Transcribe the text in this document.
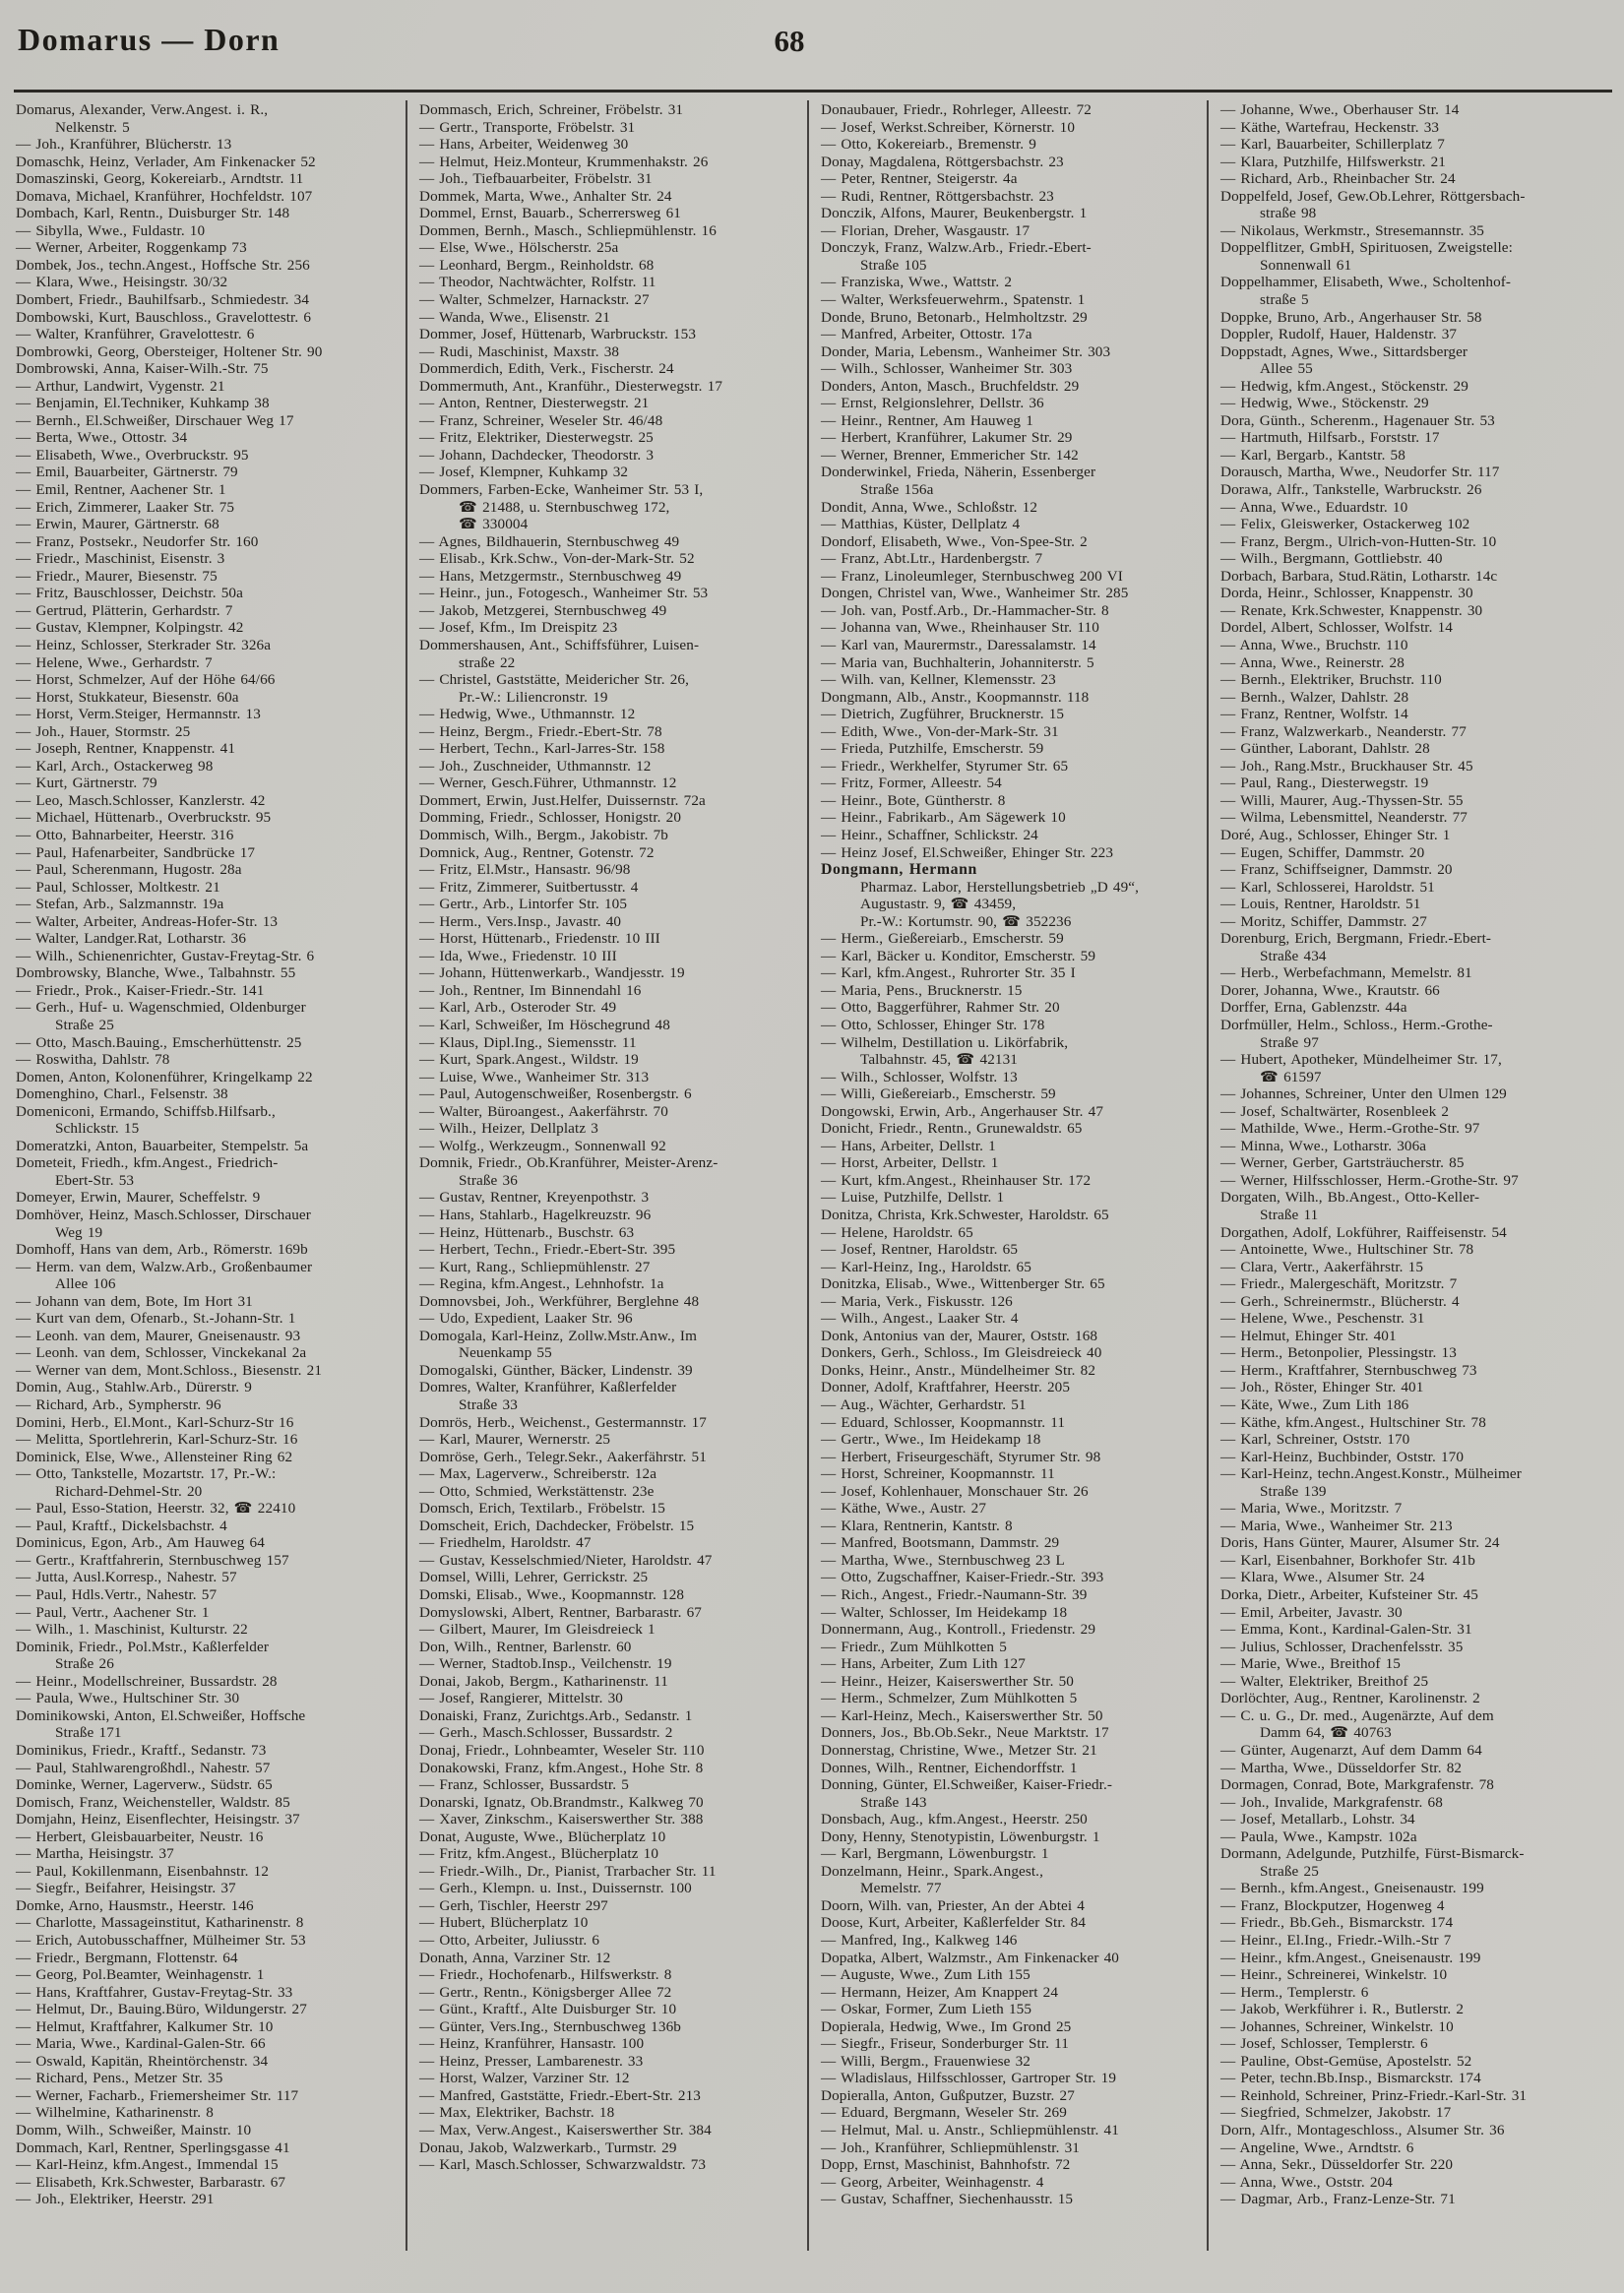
Domarus — Dorn	68
Domarus, Alexander, Verw.Angest. i. R.,
Nelkenstr. 5
— Joh., Kranführer, Blücherstr. 13
Domaschk, Heinz, Verlader, Am Finkenacker 52
Domaszinski, Georg, Kokereiarb., Arndtstr. 11
Domava, Michael, Kranführer, Hochfeldstr. 107
Dombach, Karl, Rentn., Duisburger Str. 148
— Sibylla, Wwe., Fuldastr. 10
— Werner, Arbeiter, Roggenkamp 73
Dombek, Jos., techn.Angest., Hoffsche Str. 256
— Klara, Wwe., Heisingstr. 30/32
Dombert, Friedr., Bauhilfsarb., Schmiedestr. 34
Dombowski, Kurt, Bauschloss., Gravelottestr. 6
— Walter, Kranführer, Gravelottestr. 6
Dombrowki, Georg, Obersteiger, Holtener Str. 90
Dombrowski, Anna, Kaiser-Wilh.-Str. 75
— Arthur, Landwirt, Vygenstr. 21
— Benjamin, El.Techniker, Kuhkamp 38
— Bernh., El.Schweißer, Dirschauer Weg 17
— Berta, Wwe., Ottostr. 34
— Elisabeth, Wwe., Overbruckstr. 95
— Emil, Bauarbeiter, Gärtnerstr. 79
— Emil, Rentner, Aachener Str. 1
— Erich, Zimmerer, Laaker Str. 75
— Erwin, Maurer, Gärtnerstr. 68
— Franz, Postsekr., Neudorfer Str. 160
— Friedr., Maschinist, Eisenstr. 3
— Friedr., Maurer, Biesenstr. 75
— Fritz, Bauschlosser, Deichstr. 50a
— Gertrud, Plätterin, Gerhardstr. 7
— Gustav, Klempner, Kolpingstr. 42
— Heinz, Schlosser, Sterkrader Str. 326a
— Helene, Wwe., Gerhardstr. 7
— Horst, Schmelzer, Auf der Höhe 64/66
— Horst, Stukkateur, Biesenstr. 60a
— Horst, Verm.Steiger, Hermannstr. 13
— Joh., Hauer, Stormstr. 25
— Joseph, Rentner, Knappenstr. 41
— Karl, Arch., Ostackerweg 98
— Kurt, Gärtnerstr. 79
— Leo, Masch.Schlosser, Kanzlerstr. 42
— Michael, Hüttenarb., Overbruckstr. 95
— Otto, Bahnarbeiter, Heerstr. 316
— Paul, Hafenarbeiter, Sandbrücke 17
— Paul, Scherenmann, Hugostr. 28a
— Paul, Schlosser, Moltkestr. 21
— Stefan, Arb., Salzmannstr. 19a
— Walter, Arbeiter, Andreas-Hofer-Str. 13
— Walter, Landger.Rat, Lotharstr. 36
— Wilh., Schienenrichter, Gustav-Freytag-Str. 6
Dombrowsky, Blanche, Wwe., Talbahnstr. 55
— Friedr., Prok., Kaiser-Friedr.-Str. 141
— Gerh., Huf- u. Wagenschmied, Oldenburger
Straße 25
— Otto, Masch.Bauing., Emscherhüttenstr. 25
— Roswitha, Dahlstr. 78
Domen, Anton, Kolonenführer, Kringelkamp 22
Domenghino, Charl., Felsenstr. 38
Domeniconi, Ermando, Schiffsb.Hilfsarb.,
Schlickstr. 15
Domeratzki, Anton, Bauarbeiter, Stempelstr. 5a
Dometeit, Friedh., kfm.Angest., Friedrich-
Ebert-Str. 53
Domeyer, Erwin, Maurer, Scheffelstr. 9
Domhöver, Heinz, Masch.Schlosser, Dirschauer
Weg 19
Domhoff, Hans van dem, Arb., Römerstr. 169b
— Herm. van dem, Walzw.Arb., Großenbaumer
Allee 106
— Johann van dem, Bote, Im Hort 31
— Kurt van dem, Ofenarb., St.-Johann-Str. 1
— Leonh. van dem, Maurer, Gneisenaustr. 93
— Leonh. van dem, Schlosser, Vinckekanal 2a
— Werner van dem, Mont.Schloss., Biesenstr. 21
Domin, Aug., Stahlw.Arb., Dürerstr. 9
— Richard, Arb., Sympherstr. 96
Domini, Herb., El.Mont., Karl-Schurz-Str 16
— Melitta, Sportlehrerin, Karl-Schurz-Str. 16
Dominick, Else, Wwe., Allensteiner Ring 62
— Otto, Tankstelle, Mozartstr. 17, Pr.-W.:
Richard-Dehmel-Str. 20
— Paul, Esso-Station, Heerstr. 32, ☎ 22410
— Paul, Kraftf., Dickelsbachstr. 4
Dominicus, Egon, Arb., Am Hauweg 64
— Gertr., Kraftfahrerin, Sternbuschweg 157
— Jutta, Ausl.Korresp., Nahestr. 57
— Paul, Hdls.Vertr., Nahestr. 57
— Paul, Vertr., Aachener Str. 1
— Wilh., 1. Maschinist, Kulturstr. 22
Dominik, Friedr., Pol.Mstr., Kaßlerfelder
Straße 26
— Heinr., Modellschreiner, Bussardstr. 28
— Paula, Wwe., Hultschiner Str. 30
Dominikowski, Anton, El.Schweißer, Hoffsche
Straße 171
Dominikus, Friedr., Kraftf., Sedanstr. 73
— Paul, Stahlwarengroßhdl., Nahestr. 57
Dominke, Werner, Lagerverw., Südstr. 65
Domisch, Franz, Weichensteller, Waldstr. 85
Domjahn, Heinz, Eisenflechter, Heisingstr. 37
— Herbert, Gleisbauarbeiter, Neustr. 16
— Martha, Heisingstr. 37
— Paul, Kokillenmann, Eisenbahnstr. 12
— Siegfr., Beifahrer, Heisingstr. 37
Domke, Arno, Hausmstr., Heerstr. 146
— Charlotte, Massageinstitut, Katharinenstr. 8
— Erich, Autobusschaffner, Mülheimer Str. 53
— Friedr., Bergmann, Flottenstr. 64
— Georg, Pol.Beamter, Weinhagenstr. 1
— Hans, Kraftfahrer, Gustav-Freytag-Str. 33
— Helmut, Dr., Bauing.Büro, Wildungerstr. 27
— Helmut, Kraftfahrer, Kalkumer Str. 10
— Maria, Wwe., Kardinal-Galen-Str. 66
— Oswald, Kapitän, Rheintörchenstr. 34
— Richard, Pens., Metzer Str. 35
— Werner, Facharb., Friemersheimer Str. 117
— Wilhelmine, Katharinenstr. 8
Domm, Wilh., Schweißer, Mainstr. 10
Dommach, Karl, Rentner, Sperlingsgasse 41
— Karl-Heinz, kfm.Angest., Immendal 15
— Elisabeth, Krk.Schwester, Barbarastr. 67
— Joh., Elektriker, Heerstr. 291
Dommasch, Erich, Schreiner, Fröbelstr. 31
— Gertr., Transporte, Fröbelstr. 31
— Hans, Arbeiter, Weidenweg 30
— Helmut, Heiz.Monteur, Krummenhakstr. 26
— Joh., Tiefbauarbeiter, Fröbelstr. 31
Dommek, Marta, Wwe., Anhalter Str. 24
Dommel, Ernst, Bauarb., Scherrersweg 61
Dommen, Bernh., Masch., Schliepmühlenstr. 16
— Else, Wwe., Hölscherstr. 25a
— Leonhard, Bergm., Reinholdstr. 68
— Theodor, Nachtwächter, Rolfstr. 11
— Walter, Schmelzer, Harnackstr. 27
— Wanda, Wwe., Elisenstr. 21
Dommer, Josef, Hüttenarb, Warbruckstr. 153
— Rudi, Maschinist, Maxstr. 38
Dommerdich, Edith, Verk., Fischerstr. 24
Dommermuth, Ant., Kranführ., Diesterwegstr. 17
— Anton, Rentner, Diesterwegstr. 21
— Franz, Schreiner, Weseler Str. 46/48
— Fritz, Elektriker, Diesterwegstr. 25
— Johann, Dachdecker, Theodorstr. 3
— Josef, Klempner, Kuhkamp 32
Dommers, Farben-Ecke, Wanheimer Str. 53 I,
☎ 21488, u. Sternbuschweg 172,
☎ 330004
— Agnes, Bildhauerin, Sternbuschweg 49
— Elisab., Krk.Schw., Von-der-Mark-Str. 52
— Hans, Metzgermstr., Sternbuschweg 49
— Heinr., jun., Fotogesch., Wanheimer Str. 53
— Jakob, Metzgerei, Sternbuschweg 49
— Josef, Kfm., Im Dreispitz 23
Dommershausen, Ant., Schiffsführer, Luisen-
straße 22
— Christel, Gaststätte, Meidericher Str. 26,
Pr.-W.: Liliencronstr. 19
— Hedwig, Wwe., Uthmannstr. 12
— Heinz, Bergm., Friedr.-Ebert-Str. 78
— Herbert, Techn., Karl-Jarres-Str. 158
— Joh., Zuschneider, Uthmannstr. 12
— Werner, Gesch.Führer, Uthmannstr. 12
Dommert, Erwin, Just.Helfer, Duissernstr. 72a
Domming, Friedr., Schlosser, Honigstr. 20
Dommisch, Wilh., Bergm., Jakobistr. 7b
Domnick, Aug., Rentner, Gotenstr. 72
— Fritz, El.Mstr., Hansastr. 96/98
— Fritz, Zimmerer, Suitbertusstr. 4
— Gertr., Arb., Lintorfer Str. 105
— Herm., Vers.Insp., Javastr. 40
— Horst, Hüttenarb., Friedenstr. 10 III
— Ida, Wwe., Friedenstr. 10 III
— Johann, Hüttenwerkarb., Wandjesstr. 19
— Joh., Rentner, Im Binnendahl 16
— Karl, Arb., Osteroder Str. 49
— Karl, Schweißer, Im Höschegrund 48
— Klaus, Dipl.Ing., Siemensstr. 11
— Kurt, Spark.Angest., Wildstr. 19
— Luise, Wwe., Wanheimer Str. 313
— Paul, Autogenschweißer, Rosenbergstr. 6
— Walter, Büroangest., Aakerfährstr. 70
— Wilh., Heizer, Dellplatz 3
— Wolfg., Werkzeugm., Sonnenwall 92
Domnik, Friedr., Ob.Kranführer, Meister-Arenz-
Straße 36
— Gustav, Rentner, Kreyenpothstr. 3
— Hans, Stahlarb., Hagelkreuzstr. 96
— Heinz, Hüttenarb., Buschstr. 63
— Herbert, Techn., Friedr.-Ebert-Str. 395
— Kurt, Rang., Schliepmühlenstr. 27
— Regina, kfm.Angest., Lehnhofstr. 1a
Domnovsbei, Joh., Werkführer, Berglehne 48
— Udo, Expedient, Laaker Str. 96
Domogala, Karl-Heinz, Zollw.Mstr.Anw., Im
Neuenkamp 55
Domogalski, Günther, Bäcker, Lindenstr. 39
Domres, Walter, Kranführer, Kaßlerfelder
Straße 33
Domrös, Herb., Weichenst., Gestermannstr. 17
— Karl, Maurer, Wernerstr. 25
Domröse, Gerh., Telegr.Sekr., Aakerfährstr. 51
— Max, Lagerverw., Schreiberstr. 12a
— Otto, Schmied, Werkstättenstr. 23e
Domsch, Erich, Textilarb., Fröbelstr. 15
Domscheit, Erich, Dachdecker, Fröbelstr. 15
— Friedhelm, Haroldstr. 47
— Gustav, Kesselschmied/Nieter, Haroldstr. 47
Domsel, Willi, Lehrer, Gerrickstr. 25
Domski, Elisab., Wwe., Koopmannstr. 128
Domyslowski, Albert, Rentner, Barbarastr. 67
— Gilbert, Maurer, Im Gleisdreieck 1
Don, Wilh., Rentner, Barlenstr. 60
— Werner, Stadtob.Insp., Veilchenstr. 19
Donai, Jakob, Bergm., Katharinenstr. 11
— Josef, Rangierer, Mittelstr. 30
Donaiski, Franz, Zurichtgs.Arb., Sedanstr. 1
— Gerh., Masch.Schlosser, Bussardstr. 2
Donaj, Friedr., Lohnbeamter, Weseler Str. 110
Donakowski, Franz, kfm.Angest., Hohe Str. 8
— Franz, Schlosser, Bussardstr. 5
Donarski, Ignatz, Ob.Brandmstr., Kalkweg 70
— Xaver, Zinkschm., Kaiserswerther Str. 388
Donat, Auguste, Wwe., Blücherplatz 10
— Fritz, kfm.Angest., Blücherplatz 10
— Friedr.-Wilh., Dr., Pianist, Trarbacher Str. 11
— Gerh., Klempn. u. Inst., Duissernstr. 100
— Gerh, Tischler, Heerstr 297
— Hubert, Blücherplatz 10
— Otto, Arbeiter, Juliusstr. 6
Donath, Anna, Varziner Str. 12
— Friedr., Hochofenarb., Hilfswerkstr. 8
— Gertr., Rentn., Königsberger Allee 72
— Günt., Kraftf., Alte Duisburger Str. 10
— Günter, Vers.Ing., Sternbuschweg 136b
— Heinz, Kranführer, Hansastr. 100
— Heinz, Presser, Lambarenestr. 33
— Horst, Walzer, Varziner Str. 12
— Manfred, Gaststätte, Friedr.-Ebert-Str. 213
— Max, Elektriker, Bachstr. 18
— Max, Verw.Angest., Kaiserswerther Str. 384
Donau, Jakob, Walzwerkarb., Turmstr. 29
— Karl, Masch.Schlosser, Schwarzwaldstr. 73
Donaubauer, Friedr., Rohrleger, Alleestr. 72
— Josef, Werkst.Schreiber, Körnerstr. 10
— Otto, Kokereiarb., Bremenstr. 9
Donay, Magdalena, Röttgersbachstr. 23
— Peter, Rentner, Steigerstr. 4a
— Rudi, Rentner, Röttgersbachstr. 23
Donczik, Alfons, Maurer, Beukenbergstr. 1
— Florian, Dreher, Wasgaustr. 17
Donczyk, Franz, Walzw.Arb., Friedr.-Ebert-
Straße 105
— Franziska, Wwe., Wattstr. 2
— Walter, Werksfeuerwehrm., Spatenstr. 1
Donde, Bruno, Betonarb., Helmholtzstr. 29
— Manfred, Arbeiter, Ottostr. 17a
Donder, Maria, Lebensm., Wanheimer Str. 303
— Wilh., Schlosser, Wanheimer Str. 303
Donders, Anton, Masch., Bruchfeldstr. 29
— Ernst, Relgionslehrer, Dellstr. 36
— Heinr., Rentner, Am Hauweg 1
— Herbert, Kranführer, Lakumer Str. 29
— Werner, Brenner, Emmericher Str. 142
Donderwinkel, Frieda, Näherin, Essenberger
Straße 156a
Dondit, Anna, Wwe., Schloßstr. 12
— Matthias, Küster, Dellplatz 4
Dondorf, Elisabeth, Wwe., Von-Spee-Str. 2
— Franz, Abt.Ltr., Hardenbergstr. 7
— Franz, Linoleumleger, Sternbuschweg 200 VI
Dongen, Christel van, Wwe., Wanheimer Str. 285
— Joh. van, Postf.Arb., Dr.-Hammacher-Str. 8
— Johanna van, Wwe., Rheinhauser Str. 110
— Karl van, Maurermstr., Daressalamstr. 14
— Maria van, Buchhalterin, Johanniterstr. 5
— Wilh. van, Kellner, Klemensstr. 23
Dongmann, Alb., Anstr., Koopmannstr. 118
— Dietrich, Zugführer, Brucknerstr. 15
— Edith, Wwe., Von-der-Mark-Str. 31
— Frieda, Putzhilfe, Emscherstr. 59
— Friedr., Werkhelfer, Styrumer Str. 65
— Fritz, Former, Alleestr. 54
— Heinr., Bote, Güntherstr. 8
— Heinr., Fabrikarb., Am Sägewerk 10
— Heinr., Schaffner, Schlickstr. 24
— Heinz Josef, El.Schweißer, Ehinger Str. 223
Dongmann, Hermann
Pharmaz. Labor, Herstellungsbetrieb „D 49“,
Augustastr. 9, ☎ 43459,
Pr.-W.: Kortumstr. 90, ☎ 352236
— Herm., Gießereiarb., Emscherstr. 59
— Karl, Bäcker u. Konditor, Emscherstr. 59
— Karl, kfm.Angest., Ruhrorter Str. 35 I
— Maria, Pens., Brucknerstr. 15
— Otto, Baggerführer, Rahmer Str. 20
— Otto, Schlosser, Ehinger Str. 178
— Wilhelm, Destillation u. Likörfabrik,
Talbahnstr. 45, ☎ 42131
— Wilh., Schlosser, Wolfstr. 13
— Willi, Gießereiarb., Emscherstr. 59
Dongowski, Erwin, Arb., Angerhauser Str. 47
Donicht, Friedr., Rentn., Grunewaldstr. 65
— Hans, Arbeiter, Dellstr. 1
— Horst, Arbeiter, Dellstr. 1
— Kurt, kfm.Angest., Rheinhauser Str. 172
— Luise, Putzhilfe, Dellstr. 1
Donitza, Christa, Krk.Schwester, Haroldstr. 65
— Helene, Haroldstr. 65
— Josef, Rentner, Haroldstr. 65
— Karl-Heinz, Ing., Haroldstr. 65
Donitzka, Elisab., Wwe., Wittenberger Str. 65
— Maria, Verk., Fiskusstr. 126
— Wilh., Angest., Laaker Str. 4
Donk, Antonius van der, Maurer, Oststr. 168
Donkers, Gerh., Schloss., Im Gleisdreieck 40
Donks, Heinr., Anstr., Mündelheimer Str. 82
Donner, Adolf, Kraftfahrer, Heerstr. 205
— Aug., Wächter, Gerhardstr. 51
— Eduard, Schlosser, Koopmannstr. 11
— Gertr., Wwe., Im Heidekamp 18
— Herbert, Friseurgeschäft, Styrumer Str. 98
— Horst, Schreiner, Koopmannstr. 11
— Josef, Kohlenhauer, Monschauer Str. 26
— Käthe, Wwe., Austr. 27
— Klara, Rentnerin, Kantstr. 8
— Manfred, Bootsmann, Dammstr. 29
— Martha, Wwe., Sternbuschweg 23 L
— Otto, Zugschaffner, Kaiser-Friedr.-Str. 393
— Rich., Angest., Friedr.-Naumann-Str. 39
— Walter, Schlosser, Im Heidekamp 18
Donnermann, Aug., Kontroll., Friedenstr. 29
— Friedr., Zum Mühlkotten 5
— Hans, Arbeiter, Zum Lith 127
— Heinr., Heizer, Kaiserswerther Str. 50
— Herm., Schmelzer, Zum Mühlkotten 5
— Karl-Heinz, Mech., Kaiserswerther Str. 50
Donners, Jos., Bb.Ob.Sekr., Neue Marktstr. 17
Donnerstag, Christine, Wwe., Metzer Str. 21
Donnes, Wilh., Rentner, Eichendorffstr. 1
Donning, Günter, El.Schweißer, Kaiser-Friedr.-
Straße 143
Donsbach, Aug., kfm.Angest., Heerstr. 250
Dony, Henny, Stenotypistin, Löwenburgstr. 1
— Karl, Bergmann, Löwenburgstr. 1
Donzelmann, Heinr., Spark.Angest.,
Memelstr. 77
Doorn, Wilh. van, Priester, An der Abtei 4
Doose, Kurt, Arbeiter, Kaßlerfelder Str. 84
— Manfred, Ing., Kalkweg 146
Dopatka, Albert, Walzmstr., Am Finkenacker 40
— Auguste, Wwe., Zum Lith 155
— Hermann, Heizer, Am Knappert 24
— Oskar, Former, Zum Lieth 155
Dopierala, Hedwig, Wwe., Im Grond 25
— Siegfr., Friseur, Sonderburger Str. 11
— Willi, Bergm., Frauenwiese 32
— Wladislaus, Hilfsschlosser, Gartroper Str. 19
Dopieralla, Anton, Gußputzer, Buzstr. 27
— Eduard, Bergmann, Weseler Str. 269
— Helmut, Mal. u. Anstr., Schliepmühlenstr. 41
— Joh., Kranführer, Schliepmühlenstr. 31
Dopp, Ernst, Maschinist, Bahnhofstr. 72
— Georg, Arbeiter, Weinhagenstr. 4
— Gustav, Schaffner, Siechenhausstr. 15
— Johanne, Wwe., Oberhauser Str. 14
— Käthe, Wartefrau, Heckenstr. 33
— Karl, Bauarbeiter, Schillerplatz 7
— Klara, Putzhilfe, Hilfswerkstr. 21
— Richard, Arb., Rheinbacher Str. 24
Doppelfeld, Josef, Gew.Ob.Lehrer, Röttgersbach-
straße 98
— Nikolaus, Werkmstr., Stresemannstr. 35
Doppelflitzer, GmbH, Spirituosen, Zweigstelle:
Sonnenwall 61
Doppelhammer, Elisabeth, Wwe., Scholtenhof-
straße 5
Doppke, Bruno, Arb., Angerhauser Str. 58
Doppler, Rudolf, Hauer, Haldenstr. 37
Doppstadt, Agnes, Wwe., Sittardsberger
Allee 55
— Hedwig, kfm.Angest., Stöckenstr. 29
— Hedwig, Wwe., Stöckenstr. 29
Dora, Günth., Scherenm., Hagenauer Str. 53
— Hartmuth, Hilfsarb., Forststr. 17
— Karl, Bergarb., Kantstr. 58
Dorausch, Martha, Wwe., Neudorfer Str. 117
Dorawa, Alfr., Tankstelle, Warbruckstr. 26
— Anna, Wwe., Eduardstr. 10
— Felix, Gleiswerker, Ostackerweg 102
— Franz, Bergm., Ulrich-von-Hutten-Str. 10
— Wilh., Bergmann, Gottliebstr. 40
Dorbach, Barbara, Stud.Rätin, Lotharstr. 14c
Dorda, Heinr., Schlosser, Knappenstr. 30
— Renate, Krk.Schwester, Knappenstr. 30
Dordel, Albert, Schlosser, Wolfstr. 14
— Anna, Wwe., Bruchstr. 110
— Anna, Wwe., Reinerstr. 28
— Bernh., Elektriker, Bruchstr. 110
— Bernh., Walzer, Dahlstr. 28
— Franz, Rentner, Wolfstr. 14
— Franz, Walzwerkarb., Neanderstr. 77
— Günther, Laborant, Dahlstr. 28
— Joh., Rang.Mstr., Bruckhauser Str. 45
— Paul, Rang., Diesterwegstr. 19
— Willi, Maurer, Aug.-Thyssen-Str. 55
— Wilma, Lebensmittel, Neanderstr. 77
Doré, Aug., Schlosser, Ehinger Str. 1
— Eugen, Schiffer, Dammstr. 20
— Franz, Schiffseigner, Dammstr. 20
— Karl, Schlosserei, Haroldstr. 51
— Louis, Rentner, Haroldstr. 51
— Moritz, Schiffer, Dammstr. 27
Dorenburg, Erich, Bergmann, Friedr.-Ebert-
Straße 434
— Herb., Werbefachmann, Memelstr. 81
Dorer, Johanna, Wwe., Krautstr. 66
Dorffer, Erna, Gablenzstr. 44a
Dorfmüller, Helm., Schloss., Herm.-Grothe-
Straße 97
— Hubert, Apotheker, Mündelheimer Str. 17,
☎ 61597
— Johannes, Schreiner, Unter den Ulmen 129
— Josef, Schaltwärter, Rosenbleek 2
— Mathilde, Wwe., Herm.-Grothe-Str. 97
— Minna, Wwe., Lotharstr. 306a
— Werner, Gerber, Gartsträucherstr. 85
— Werner, Hilfsschlosser, Herm.-Grothe-Str. 97
Dorgaten, Wilh., Bb.Angest., Otto-Keller-
Straße 11
Dorgathen, Adolf, Lokführer, Raiffeisenstr. 54
— Antoinette, Wwe., Hultschiner Str. 78
— Clara, Vertr., Aakerfährstr. 15
— Friedr., Malergeschäft, Moritzstr. 7
— Gerh., Schreinermstr., Blücherstr. 4
— Helene, Wwe., Peschenstr. 31
— Helmut, Ehinger Str. 401
— Herm., Betonpolier, Plessingstr. 13
— Herm., Kraftfahrer, Sternbuschweg 73
— Joh., Röster, Ehinger Str. 401
— Käte, Wwe., Zum Lith 186
— Käthe, kfm.Angest., Hultschiner Str. 78
— Karl, Schreiner, Oststr. 170
— Karl-Heinz, Buchbinder, Oststr. 170
— Karl-Heinz, techn.Angest.Konstr., Mülheimer
Straße 139
— Maria, Wwe., Moritzstr. 7
— Maria, Wwe., Wanheimer Str. 213
Doris, Hans Günter, Maurer, Alsumer Str. 24
— Karl, Eisenbahner, Borkhofer Str. 41b
— Klara, Wwe., Alsumer Str. 24
Dorka, Dietr., Arbeiter, Kufsteiner Str. 45
— Emil, Arbeiter, Javastr. 30
— Emma, Kont., Kardinal-Galen-Str. 31
— Julius, Schlosser, Drachenfelsstr. 35
— Marie, Wwe., Breithof 15
— Walter, Elektriker, Breithof 25
Dorlöchter, Aug., Rentner, Karolinenstr. 2
— C. u. G., Dr. med., Augenärzte, Auf dem
Damm 64, ☎ 40763
— Günter, Augenarzt, Auf dem Damm 64
— Martha, Wwe., Düsseldorfer Str. 82
Dormagen, Conrad, Bote, Markgrafenstr. 78
— Joh., Invalide, Markgrafenstr. 68
— Josef, Metallarb., Lohstr. 34
— Paula, Wwe., Kampstr. 102a
Dormann, Adelgunde, Putzhilfe, Fürst-Bismarck-
Straße 25
— Bernh., kfm.Angest., Gneisenaustr. 199
— Franz, Blockputzer, Hogenweg 4
— Friedr., Bb.Geh., Bismarckstr. 174
— Heinr., El.Ing., Friedr.-Wilh.-Str 7
— Heinr., kfm.Angest., Gneisenaustr. 199
— Heinr., Schreinerei, Winkelstr. 10
— Herm., Templerstr. 6
— Jakob, Werkführer i. R., Butlerstr. 2
— Johannes, Schreiner, Winkelstr. 10
— Josef, Schlosser, Templerstr. 6
— Pauline, Obst-Gemüse, Apostelstr. 52
— Peter, techn.Bb.Insp., Bismarckstr. 174
— Reinhold, Schreiner, Prinz-Friedr.-Karl-Str. 31
— Siegfried, Schmelzer, Jakobstr. 17
Dorn, Alfr., Montageschloss., Alsumer Str. 36
— Angeline, Wwe., Arndtstr. 6
— Anna, Sekr., Düsseldorfer Str. 220
— Anna, Wwe., Oststr. 204
— Dagmar, Arb., Franz-Lenze-Str. 71
